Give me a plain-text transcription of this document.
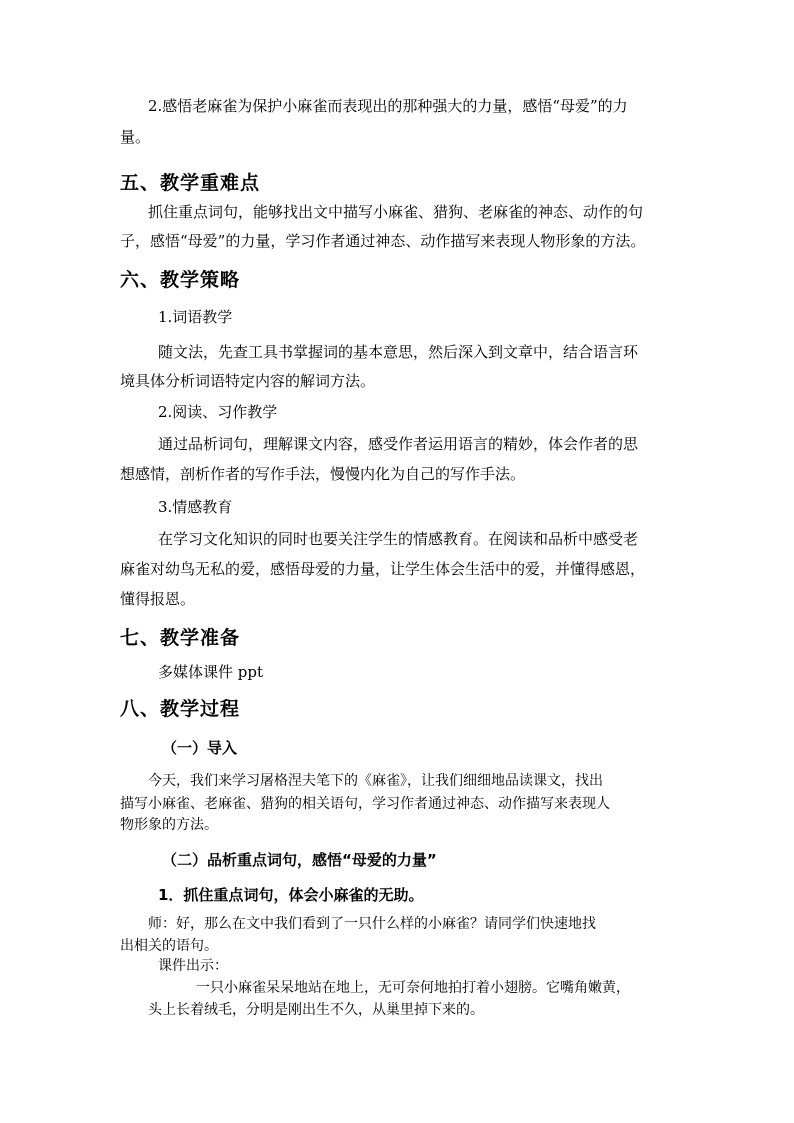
2.感悟老麻雀为保护小麻雀而表现出的那种强大的力量，感悟“母爱”的力
量。
五、教学重难点
抓住重点词句，能够找出文中描写小麻雀、猎狗、老麻雀的神态、动作的句
子，感悟“母爱”的力量，学习作者通过神态、动作描写来表现人物形象的方法。
六、教学策略
1.词语教学
随文法，先查工具书掌握词的基本意思，然后深入到文章中，结合语言环
境具体分析词语特定内容的解词方法。
2.阅读、习作教学
通过品析词句，理解课文内容，感受作者运用语言的精妙，体会作者的思
想感情，剖析作者的写作手法，慢慢内化为自己的写作手法。
3.情感教育
在学习文化知识的同时也要关注学生的情感教育。在阅读和品析中感受老
麻雀对幼鸟无私的爱，感悟母爱的力量，让学生体会生活中的爱，并懂得感恩，
懂得报恩。
七、教学准备
多媒体课件 ppt
八、教学过程
（一）导入
今天，我们来学习屠格涅夫笔下的《麻雀》，让我们细细地品读课文，找出
描写小麻雀、老麻雀、猎狗的相关语句，学习作者通过神态、动作描写来表现人
物形象的方法。
（二）品析重点词句，感悟“母爱的力量”
1．抓住重点词句，体会小麻雀的无助。
师：好，那么在文中我们看到了一只什么样的小麻雀？请同学们快速地找
出相关的语句。
课件出示：
一只小麻雀呆呆地站在地上，无可奈何地拍打着小翅膀。它嘴角嫩黄，
头上长着绒毛，分明是刚出生不久，从巢里掉下来的。
